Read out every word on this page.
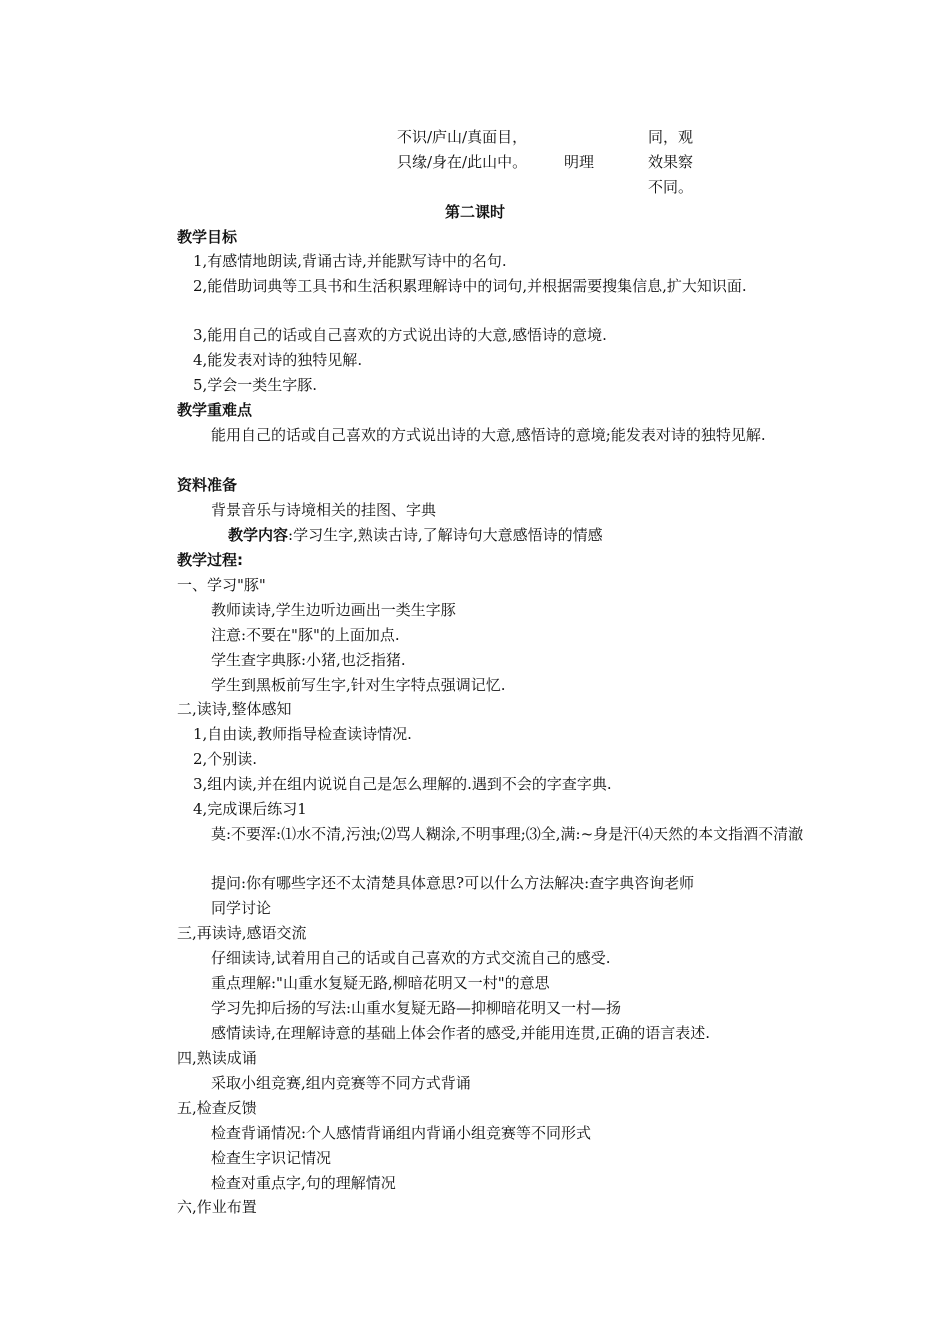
不识/庐山/真面目，
只缘/身在/此山中。 明理
同，观
效果察
不同。
第二课时
教学目标
1,有感情地朗读,背诵古诗,并能默写诗中的名句.
2,能借助词典等工具书和生活积累理解诗中的词句,并根据需要搜集信息,扩大知识面.
3,能用自己的话或自己喜欢的方式说出诗的大意,感悟诗的意境.
4,能发表对诗的独特见解.
5,学会一类生字豚.
教学重难点
能用自己的话或自己喜欢的方式说出诗的大意,感悟诗的意境;能发表对诗的独特见解.
资料准备
背景音乐与诗境相关的挂图、字典
教学内容:学习生字,熟读古诗,了解诗句大意感悟诗的情感
教学过程:
一、学习"豚"
教师读诗,学生边听边画出一类生字豚
注意:不要在"豚"的上面加点.
学生查字典豚:小猪,也泛指猪.
学生到黑板前写生字,针对生字特点强调记忆.
二,读诗,整体感知
1,自由读,教师指导检查读诗情况.
2,个别读.
3,组内读,并在组内说说自己是怎么理解的.遇到不会的字查字典.
4,完成课后练习1
莫:不要浑:⑴水不清,污浊;⑵骂人糊涂,不明事理;⑶全,满:~身是汗⑷天然的本文指酒不清澈
提问:你有哪些字还不太清楚具体意思?可以什么方法解决:查字典咨询老师
同学讨论
三,再读诗,感语交流
仔细读诗,试着用自己的话或自己喜欢的方式交流自己的感受.
重点理解:"山重水复疑无路,柳暗花明又一村"的意思
学习先抑后扬的写法:山重水复疑无路—抑柳暗花明又一村—扬
感情读诗,在理解诗意的基础上体会作者的感受,并能用连贯,正确的语言表述.
四,熟读成诵
采取小组竞赛,组内竞赛等不同方式背诵
五,检查反馈
检查背诵情况:个人感情背诵组内背诵小组竞赛等不同形式
检查生字识记情况
检查对重点字,句的理解情况
六,作业布置
